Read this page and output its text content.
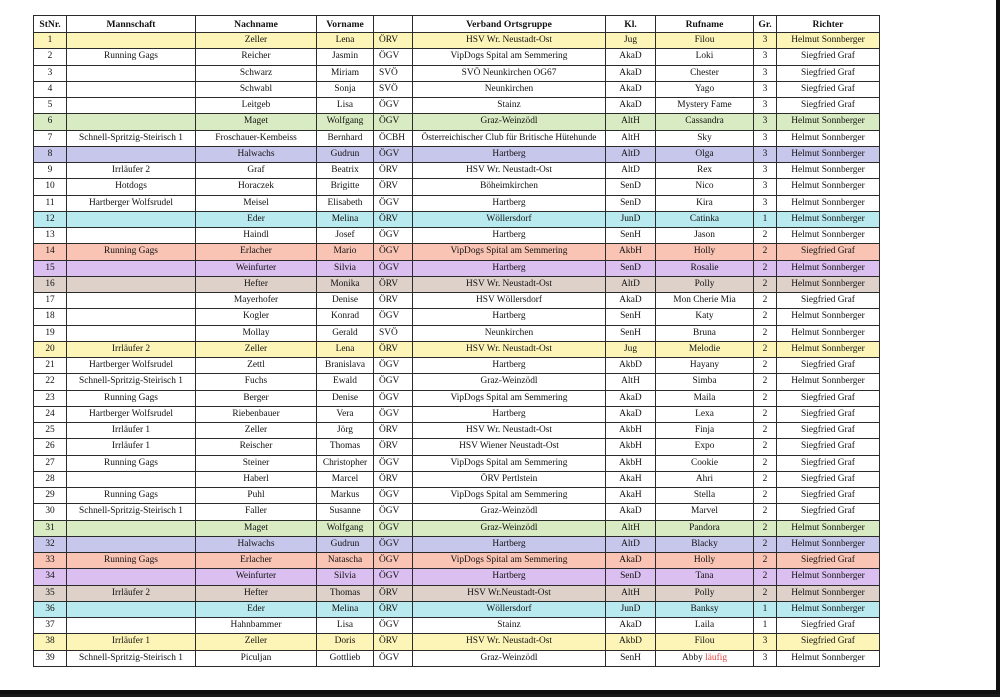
StNr.	Mannschaft	Nachname	Vorname		Verband Ortsgruppe	Kl.	Rufname	Gr.	Richter
1		Zeller	Lena	ÖRV	HSV Wr. Neustadt-Ost	Jug	Filou	3	Helmut Sonnberger
2	Running Gags	Reicher	Jasmin	ÖGV	VipDogs Spital am Semmering	AkaD	Loki	3	Siegfried Graf
3		Schwarz	Miriam	SVÖ	SVÖ Neunkirchen OG67	AkaD	Chester	3	Siegfried Graf
4		Schwabl	Sonja	SVÖ	Neunkirchen	AkaD	Yago	3	Siegfried Graf
5		Leitgeb	Lisa	ÖGV	Stainz	AkaD	Mystery Fame	3	Siegfried Graf
6		Maget	Wolfgang	ÖGV	Graz-Weinzödl	AltH	Cassandra	3	Helmut Sonnberger
7	Schnell-Spritzig-Steirisch 1	Froschauer-Kembeiss	Bernhard	ÖCBH	Österreichischer Club für Britische Hütehunde	AltH	Sky	3	Helmut Sonnberger
8		Halwachs	Gudrun	ÖGV	Hartberg	AltD	Olga	3	Helmut Sonnberger
9	Irrläufer 2	Graf	Beatrix	ÖRV	HSV Wr. Neustadt-Ost	AltD	Rex	3	Helmut Sonnberger
10	Hotdogs	Horaczek	Brigitte	ÖRV	Böheimkirchen	SenD	Nico	3	Helmut Sonnberger
11	Hartberger Wolfsrudel	Meisel	Elisabeth	ÖGV	Hartberg	SenD	Kira	3	Helmut Sonnberger
12		Eder	Melina	ÖRV	Wöllersdorf	JunD	Catinka	1	Helmut Sonnberger
13		Haindl	Josef	ÖGV	Hartberg	SenH	Jason	2	Helmut Sonnberger
14	Running Gags	Erlacher	Mario	ÖGV	VipDogs Spital am Semmering	AkbH	Holly	2	Siegfried Graf
15		Weinfurter	Silvia	ÖGV	Hartberg	SenD	Rosalie	2	Helmut Sonnberger
16		Hefter	Monika	ÖRV	HSV Wr. Neustadt-Ost	AltD	Polly	2	Helmut Sonnberger
17		Mayerhofer	Denise	ÖRV	HSV Wöllersdorf	AkaD	Mon Cherie Mia	2	Siegfried Graf
18		Kogler	Konrad	ÖGV	Hartberg	SenH	Katy	2	Helmut Sonnberger
19		Mollay	Gerald	SVÖ	Neunkirchen	SenH	Bruna	2	Helmut Sonnberger
20	Irrläufer 2	Zeller	Lena	ÖRV	HSV Wr. Neustadt-Ost	Jug	Melodie	2	Helmut Sonnberger
21	Hartberger Wolfsrudel	Zettl	Branislava	ÖGV	Hartberg	AkbD	Hayany	2	Siegfried Graf
22	Schnell-Spritzig-Steirisch 1	Fuchs	Ewald	ÖGV	Graz-Weinzödl	AltH	Simba	2	Helmut Sonnberger
23	Running Gags	Berger	Denise	ÖGV	VipDogs Spital am Semmering	AkaD	Maila	2	Siegfried Graf
24	Hartberger Wolfsrudel	Riebenbauer	Vera	ÖGV	Hartberg	AkaD	Lexa	2	Siegfried Graf
25	Irrläufer 1	Zeller	Jörg	ÖRV	HSV Wr. Neustadt-Ost	AkbH	Finja	2	Siegfried Graf
26	Irrläufer 1	Reischer	Thomas	ÖRV	HSV Wiener Neustadt-Ost	AkbH	Expo	2	Siegfried Graf
27	Running Gags	Steiner	Christopher	ÖGV	VipDogs Spital am Semmering	AkbH	Cookie	2	Siegfried Graf
28		Haberl	Marcel	ÖRV	ÖRV Pertlstein	AkaH	Ahri	2	Siegfried Graf
29	Running Gags	Puhl	Markus	ÖGV	VipDogs Spital am Semmering	AkaH	Stella	2	Siegfried Graf
30	Schnell-Spritzig-Steirisch 1	Faller	Susanne	ÖGV	Graz-Weinzödl	AkaD	Marvel	2	Siegfried Graf
31		Maget	Wolfgang	ÖGV	Graz-Weinzödl	AltH	Pandora	2	Helmut Sonnberger
32		Halwachs	Gudrun	ÖGV	Hartberg	AltD	Blacky	2	Helmut Sonnberger
33	Running Gags	Erlacher	Natascha	ÖGV	VipDogs Spital am Semmering	AkaD	Holly	2	Siegfried Graf
34		Weinfurter	Silvia	ÖGV	Hartberg	SenD	Tana	2	Helmut Sonnberger
35	Irrläufer 2	Hefter	Thomas	ÖRV	HSV Wr.Neustadt-Ost	AltH	Polly	2	Helmut Sonnberger
36		Eder	Melina	ÖRV	Wöllersdorf	JunD	Banksy	1	Helmut Sonnberger
37		Hahnbammer	Lisa	ÖGV	Stainz	AkaD	Laila	1	Siegfried Graf
38	Irrläufer 1	Zeller	Doris	ÖRV	HSV Wr. Neustadt-Ost	AkbD	Filou	3	Siegfried Graf
39	Schnell-Spritzig-Steirisch 1	Piculjan	Gottlieb	ÖGV	Graz-Weinzödl	SenH	Abby läufig	3	Helmut Sonnberger
